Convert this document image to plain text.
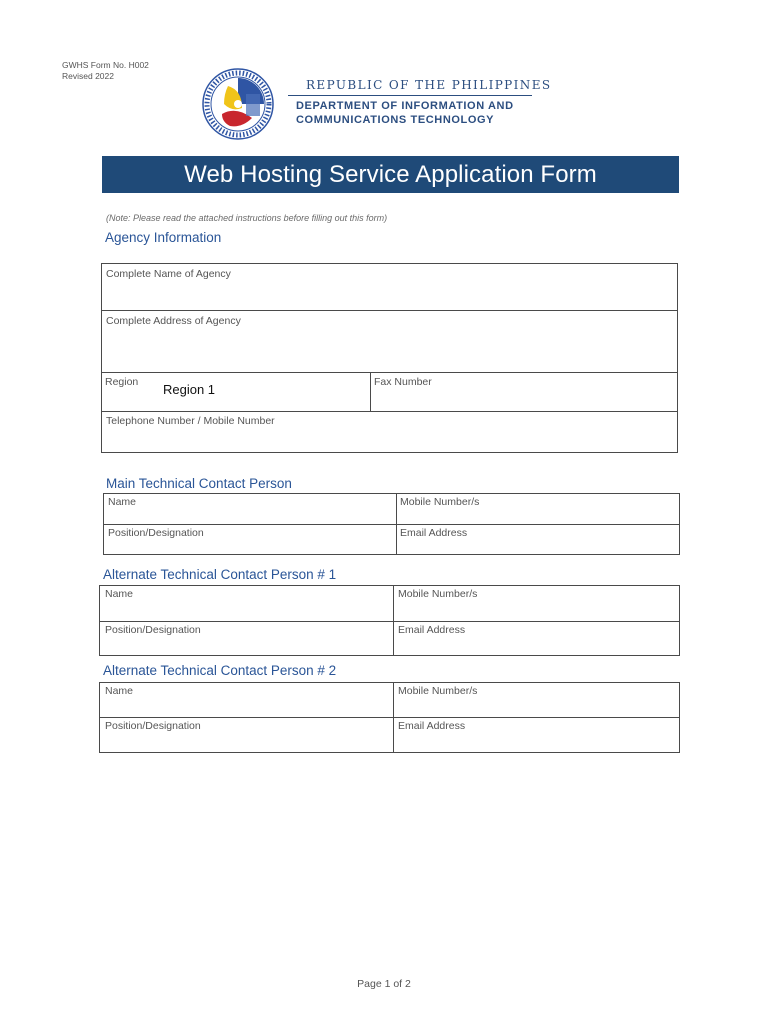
GWHS Form No. H002
Revised 2022
REPUBLIC OF THE PHILIPPINES
DEPARTMENT OF INFORMATION AND
COMMUNICATIONS TECHNOLOGY
Web Hosting Service Application Form
(Note: Please read the attached instructions before filling out this form)
Agency Information
Complete Name of Agency
Complete Address of Agency
Region Region 1	Fax Number
Telephone Number / Mobile Number
Main Technical Contact Person
Name	Mobile Number/s
Position/Designation	Email Address
Alternate Technical Contact Person # 1
Name	Mobile Number/s
Position/Designation	Email Address
Alternate Technical Contact Person # 2
Name	Mobile Number/s
Position/Designation	Email Address
Page 1 of 2
